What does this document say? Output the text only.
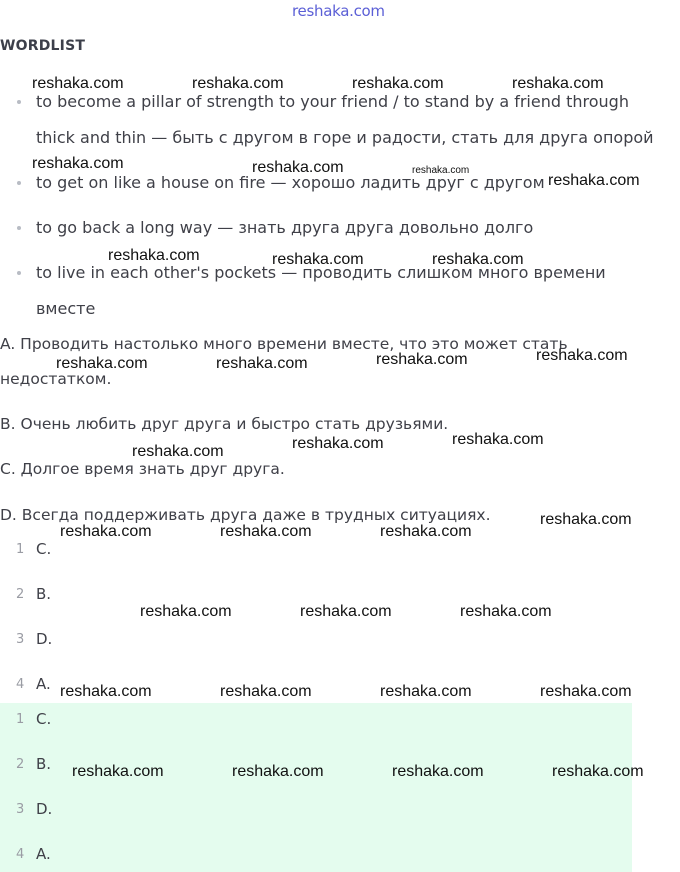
reshaka.com
WORDLIST
to become a pillar of strength to your friend / to stand by a friend through
thick and thin — быть с другом в горе и радости, стать для друга опорой
to get on like a house on fire — хорошо ладить друг с другом
to go back a long way — знать друга друга довольно долго
to live in each other's pockets — проводить слишком много времени
вместе
A. Проводить настолько много времени вместе, что это может стать
недостатком.
B. Очень любить друг друга и быстро стать друзьями.
C. Долгое время знать друг друга.
D. Всегда поддерживать друга даже в трудных ситуациях.
1 C.
2 B.
3 D.
4 A.
1 C.
2 B.
3 D.
4 A.
reshaka.com	reshaka.com	reshaka.com	reshaka.com
reshaka.com	reshaka.com	reshaka.com
reshaka.com
reshaka.com	reshaka.com	reshaka.com
reshaka.com	reshaka.com	reshaka.com	reshaka.com
reshaka.com	reshaka.com	reshaka.com
reshaka.com
reshaka.com	reshaka.com	reshaka.com
reshaka.com	reshaka.com	reshaka.com
reshaka.com	reshaka.com	reshaka.com	reshaka.com
reshaka.com	reshaka.com	reshaka.com	reshaka.com
